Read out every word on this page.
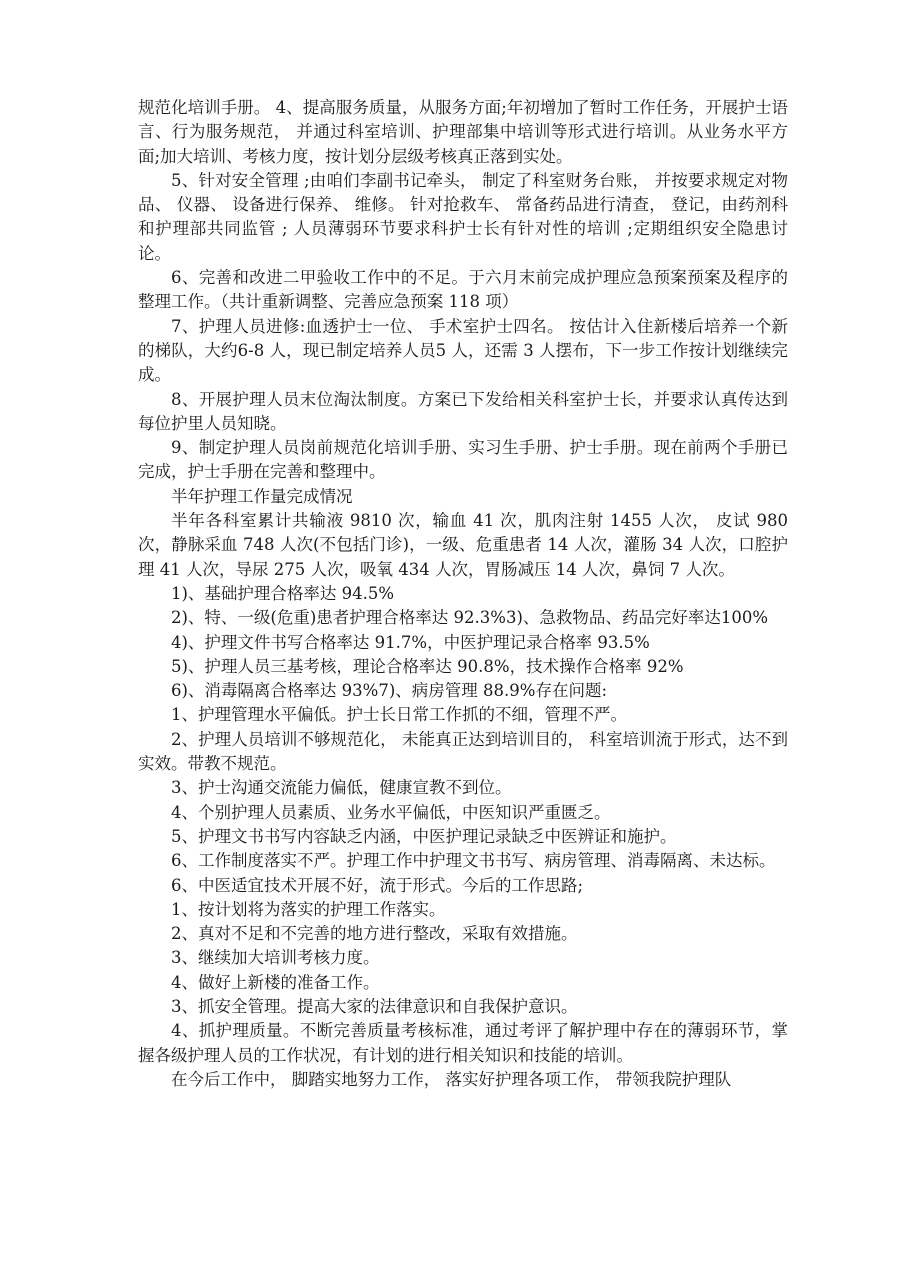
规范化培训手册。 4、提高服务质量，从服务方面;年初增加了暂时工作任务，开展护士语言、行为服务规范， 并通过科室培训、护理部集中培训等形式进行培训。从业务水平方面;加大培训、考核力度，按计划分层级考核真正落到实处。

5、针对安全管理 ;由咱们李副书记牵头， 制定了科室财务台账， 并按要求规定对物品、 仪器、 设备进行保养、 维修。 针对抢救车、 常备药品进行清查， 登记，由药剂科和护理部共同监管 ; 人员薄弱环节要求科护士长有针对性的培训 ;定期组织安全隐患讨论。

6、完善和改进二甲验收工作中的不足。于六月末前完成护理应急预案预案及程序的整理工作。（共计重新调整、完善应急预案 118 项）

7、护理人员进修:血透护士一位、 手术室护士四名。 按估计入住新楼后培养一个新的梯队，大约6-8 人，现已制定培养人员5 人，还需 3 人摆布，下一步工作按计划继续完成。

8、开展护理人员末位淘汰制度。方案已下发给相关科室护士长，并要求认真传达到每位护里人员知晓。

9、制定护理人员岗前规范化培训手册、实习生手册、护士手册。现在前两个手册已完成，护士手册在完善和整理中。

半年护理工作量完成情况

半年各科室累计共输液 9810 次，输血 41 次，肌肉注射 1455 人次， 皮试 980 次，静脉采血 748 人次(不包括门诊)，一级、危重患者 14 人次，灌肠 34 人次，口腔护理 41 人次，导尿 275 人次，吸氧 434 人次，胃肠减压 14 人次，鼻饲 7 人次。

1)、基础护理合格率达 94.5%

2)、特、一级(危重)患者护理合格率达 92.3%3)、急救物品、药品完好率达100%

4)、护理文件书写合格率达 91.7%，中医护理记录合格率 93.5%

5)、护理人员三基考核，理论合格率达 90.8%，技术操作合格率 92%

6)、消毒隔离合格率达 93%7)、病房管理 88.9%存在问题:

1、护理管理水平偏低。护士长日常工作抓的不细，管理不严。

2、护理人员培训不够规范化， 未能真正达到培训目的， 科室培训流于形式，达不到实效。带教不规范。

3、护士沟通交流能力偏低，健康宣教不到位。

4、个别护理人员素质、业务水平偏低，中医知识严重匮乏。

5、护理文书书写内容缺乏内涵，中医护理记录缺乏中医辨证和施护。

6、工作制度落实不严。护理工作中护理文书书写、病房管理、消毒隔离、未达标。

6、中医适宜技术开展不好，流于形式。今后的工作思路;

1、按计划将为落实的护理工作落实。

2、真对不足和不完善的地方进行整改，采取有效措施。

3、继续加大培训考核力度。

4、做好上新楼的准备工作。

3、抓安全管理。提高大家的法律意识和自我保护意识。

4、抓护理质量。不断完善质量考核标准，通过考评了解护理中存在的薄弱环节，掌握各级护理人员的工作状况，有计划的进行相关知识和技能的培训。

在今后工作中， 脚踏实地努力工作， 落实好护理各项工作， 带领我院护理队
